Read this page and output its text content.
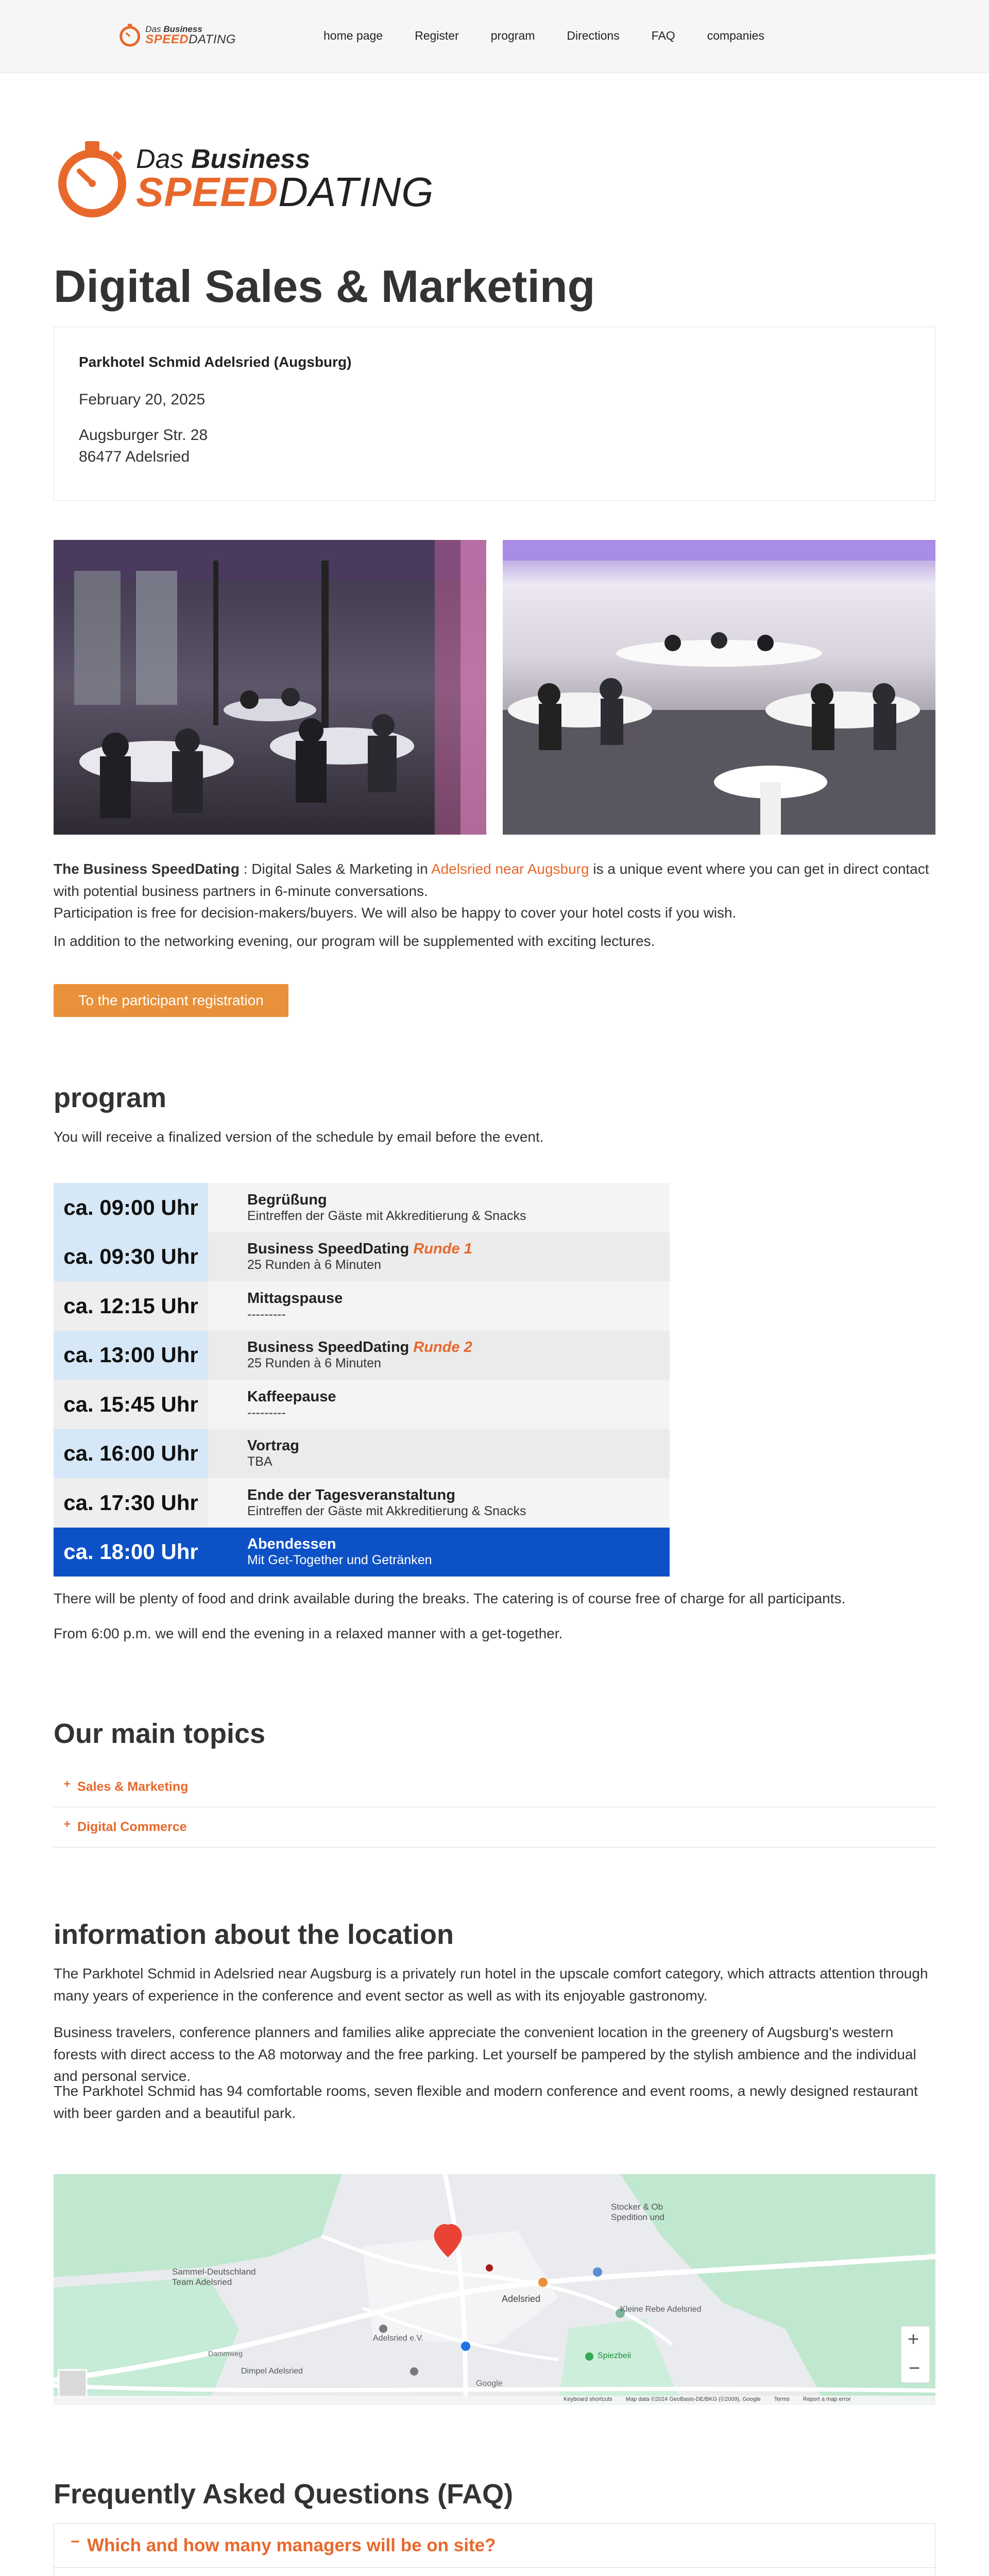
Das Business
SPEEDDATING	home page	Register	program	Directions	FAQ	companies
Das Business
SPEEDDATING
Digital Sales & Marketing
Parkhotel Schmid Adelsried (Augsburg)

February 20, 2025

Augsburger Str. 28

86477 Adelsried

The Business SpeedDating : Digital Sales & Marketing in Adelsried near Augsburg is a unique event where you can get in direct contact with potential business partners in 6-minute conversations.

Participation is free for decision-makers/buyers. We will also be happy to cover your hotel costs if you wish.

In addition to the networking evening, our program will be supplemented with exciting lectures.

To the participant registration
program
You will receive a finalized version of the schedule by email before the event.
ca. 09:00 Uhr	Begrüßung
Eintreffen der Gäste mit Akkreditierung & Snacks
ca. 09:30 Uhr	Business SpeedDating Runde 1
25 Runden à 6 Minuten
ca. 12:15 Uhr	Mittagspause
---------
ca. 13:00 Uhr	Business SpeedDating Runde 2
25 Runden à 6 Minuten
ca. 15:45 Uhr	Kaffeepause
---------
ca. 16:00 Uhr	Vortrag
TBA
ca. 17:30 Uhr	Ende der Tagesveranstaltung
Eintreffen der Gäste mit Akkreditierung & Snacks
ca. 18:00 Uhr	Abendessen
Mit Get-Together und Getränken
There will be plenty of food and drink available during the breaks. The catering is of course free of charge for all participants.
From 6:00 p.m. we will end the evening in a relaxed manner with a get-together.
Our main topics
+ Sales & Marketing
+ Digital Commerce
information about the location
The Parkhotel Schmid in Adelsried near Augsburg is a privately run hotel in the upscale comfort category, which attracts attention through many years of experience in the conference and event sector as well as with its enjoyable gastronomy.
Business travelers, conference planners and families alike appreciate the convenient location in the greenery of Augsburg's western forests with direct access to the A8 motorway and the free parking. Let yourself be pampered by the stylish ambience and the individual and personal service.
The Parkhotel Schmid has 94 comfortable rooms, seven flexible and modern conference and event rooms, a newly designed restaurant with beer garden and a beautiful park.
Stocker & Ob Spedition und
Sammel-Deutschland Team Adelsried
Adelsried
Adelsried e.V.
Dimpel Adelsried
Spiezbeii
Kleine Rebe Adelsried
Dammweg
Google
+
−
Keyboard shortcuts Map data ©2024 GeoBasis-DE/BKG (©2009), Google Terms Report a map error
Frequently Asked Questions (FAQ)
− Which and how many managers will be on site?
